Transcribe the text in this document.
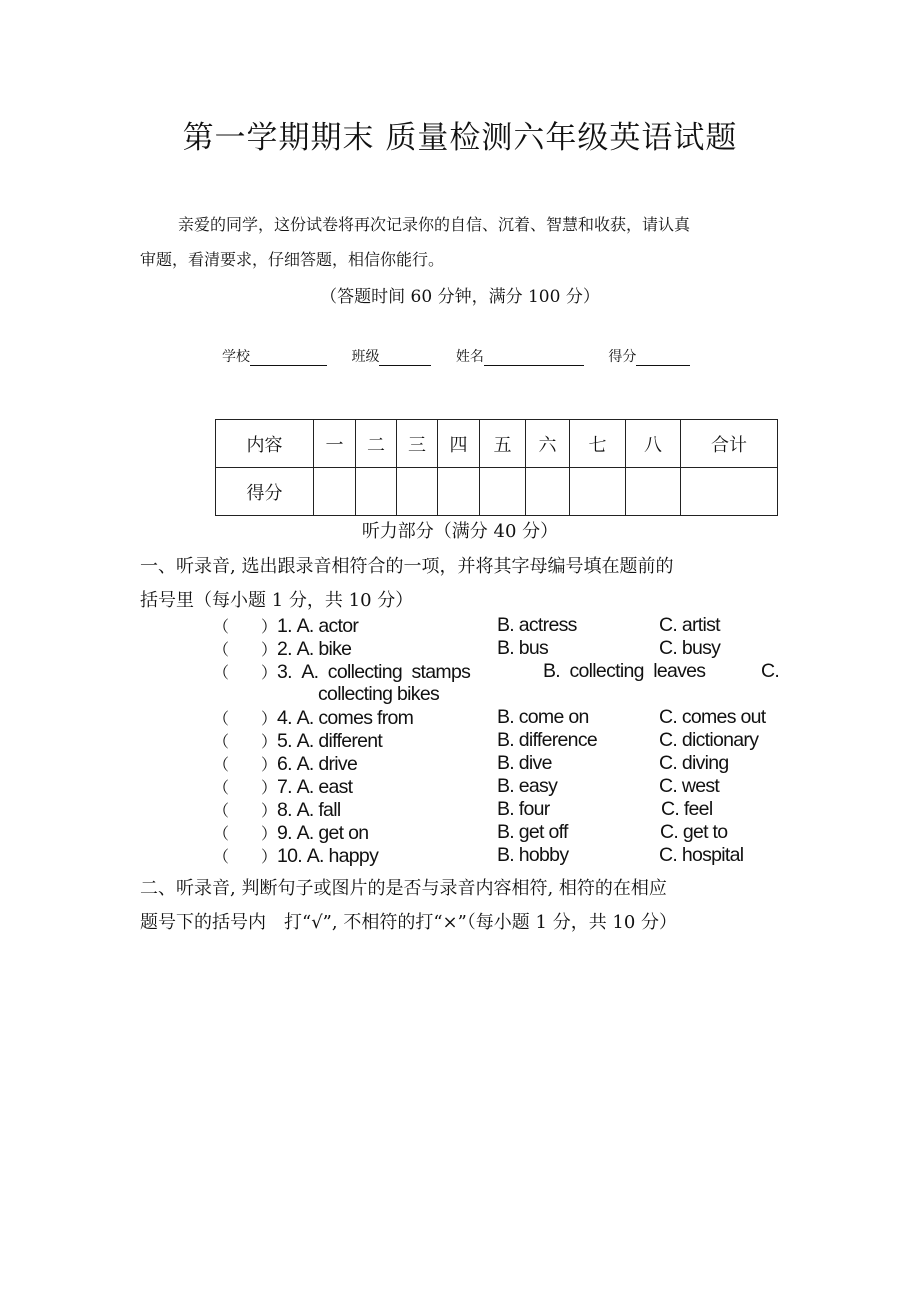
第一学期期末 质量检测六年级英语试题
亲爱的同学，这份试卷将再次记录你的自信、沉着、智慧和收获，请认真
审题，看清要求，仔细答题，相信你能行。
（答题时间 60 分钟，满分 100 分）
学校	班级	姓名	得分
内容	一	二	三	四	五	六	七	八	合计
得分									
听力部分（满分 40 分）
一、听录音, 选出跟录音相符合的一项，并将其字母编号填在题前的
括号里（每小题 1 分，共 10 分）
（　　）1. A. actor	B. actress	C. artist
（　　）2. A. bike	B. bus	C. busy
（　　）3.  A.  collecting  stamps	B.  collecting  leaves	C.
collecting bikes
（　　）4. A. comes from	B. come on	C. comes out
（　　）5. A. different	B. difference	C. dictionary
（　　）6. A. drive	B. dive	C. diving
（　　）7. A. east	B. easy	C. west
（　　）8. A. fall	B. four	C. feel
（　　）9. A. get on	B. get off	C. get to
（　　）10. A. happy	B. hobby	C. hospital
二、听录音, 判断句子或图片的是否与录音内容相符, 相符的在相应
题号下的括号内　打“√”, 不相符的打“×”（每小题 1 分，共 10 分）
